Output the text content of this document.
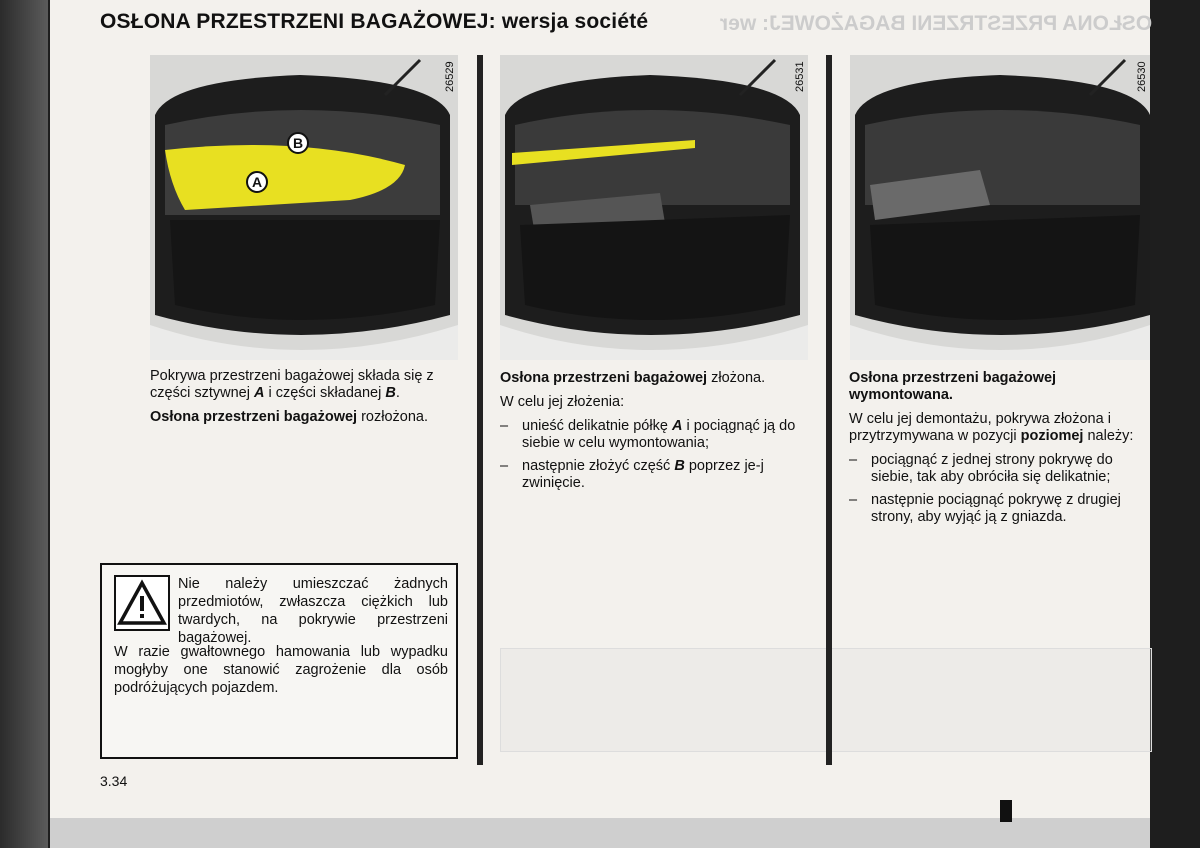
OSŁONA PRZESTRZENI BAGAŻOWEJ: wer
OSŁONA PRZESTRZENI BAGAŻOWEJ: wersja société
B
A
26529	26531	26530

Pokrywa przestrzeni bagażowej składa się z części sztywnej A i części składanej B.

Osłona przestrzeni bagażowej rozłożona.

Osłona przestrzeni bagażowej złożona.

W celu jej złożenia:

– unieść delikatnie półkę A i pociągnąć ją do siebie w celu wymontowania;
– następnie złożyć część B poprzez je-j zwinięcie.

Osłona przestrzeni bagażowej wymontowana.

W celu jej demontażu, pokrywa złożona i przytrzymywana w pozycji poziomej należy:

– pociągnąć z jednej strony pokrywę do siebie, tak aby obróciła się delikatnie;
– następnie pociągnąć pokrywę z drugiej strony, aby wyjąć ją z gniazda.
Nie należy umieszczać żadnych przedmiotów, zwłaszcza ciężkich lub twardych, na pokrywie przestrzeni bagażowej.
W razie gwałtownego hamowania lub wypadku mogłyby one stanowić zagrożenie dla osób podróżujących pojazdem.
3.34
